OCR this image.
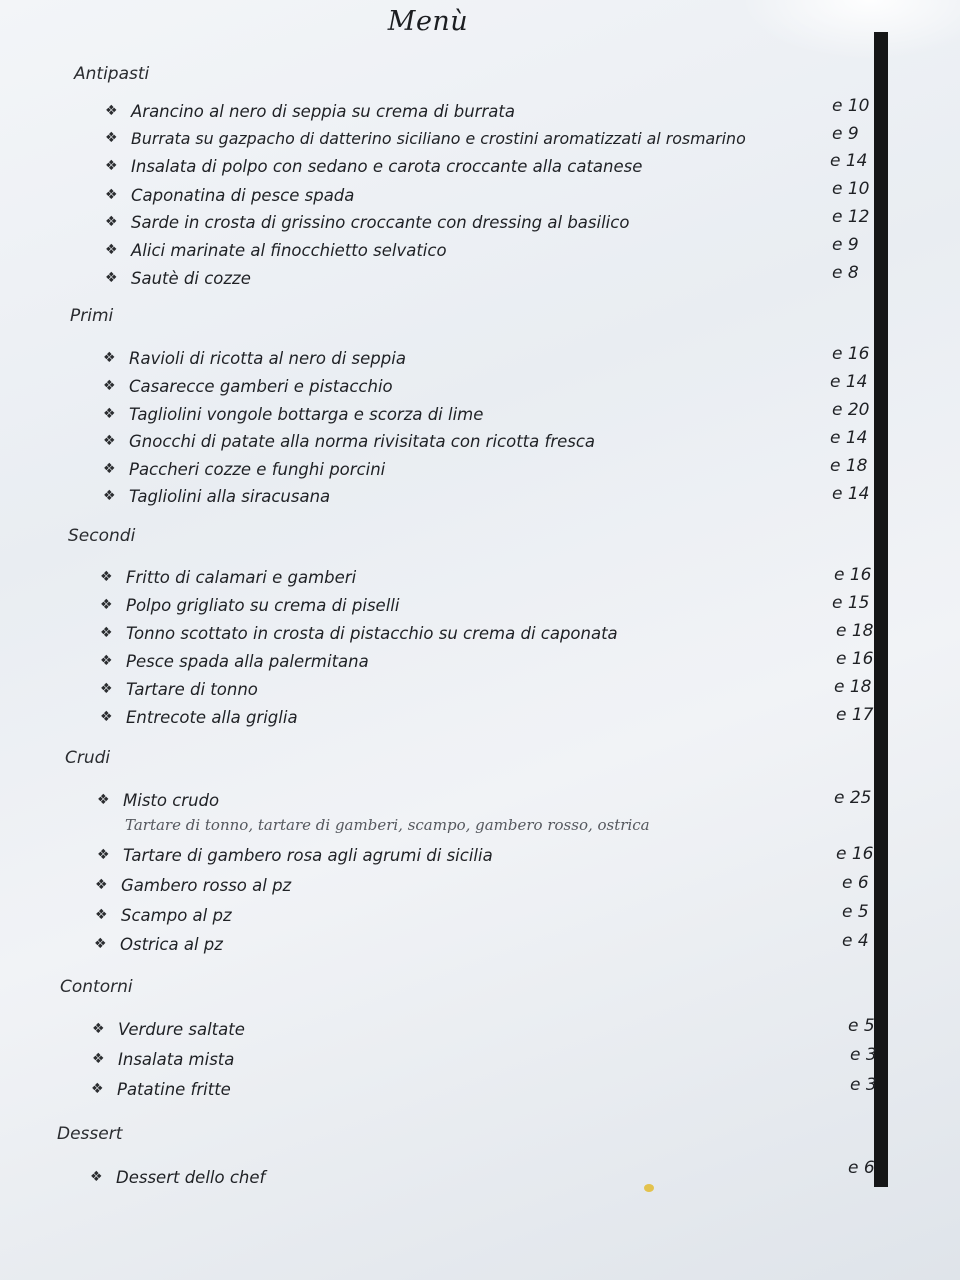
Menù
Antipasti
❖ Arancino al nero di seppia su crema di burrata	e 10
❖ Burrata su gazpacho di datterino siciliano e crostini aromatizzati al rosmarino	e 9
❖ Insalata di polpo con sedano e carota croccante alla catanese	e 14
❖ Caponatina di pesce spada	e 10
❖ Sarde in crosta di grissino croccante con dressing al basilico	e 12
❖ Alici marinate al finocchietto selvatico	e 9
❖ Sautè di cozze	e 8
Primi
❖ Ravioli di ricotta al nero di seppia	e 16
❖ Casarecce gamberi e pistacchio	e 14
❖ Tagliolini vongole bottarga e scorza di lime	e 20
❖ Gnocchi di patate alla norma rivisitata con ricotta fresca	e 14
❖ Paccheri cozze e funghi porcini	e 18
❖ Tagliolini alla siracusana	e 14
Secondi
❖ Fritto di calamari e gamberi	e 16
❖ Polpo grigliato su crema di piselli	e 15
❖ Tonno scottato in crosta di pistacchio su crema di caponata	e 18
❖ Pesce spada alla palermitana	e 16
❖ Tartare di tonno	e 18
❖ Entrecote alla griglia	e 17
Crudi
❖ Misto crudo	e 25
Tartare di tonno, tartare di gamberi, scampo, gambero rosso, ostrica
❖ Tartare di gambero rosa agli agrumi di sicilia	e 16
❖ Gambero rosso al pz	e 6
❖ Scampo al pz	e 5
❖ Ostrica al pz	e 4
Contorni
❖ Verdure saltate	e 5
❖ Insalata mista	e 3
❖ Patatine fritte	e 3
Dessert
❖ Dessert dello chef	e 6
